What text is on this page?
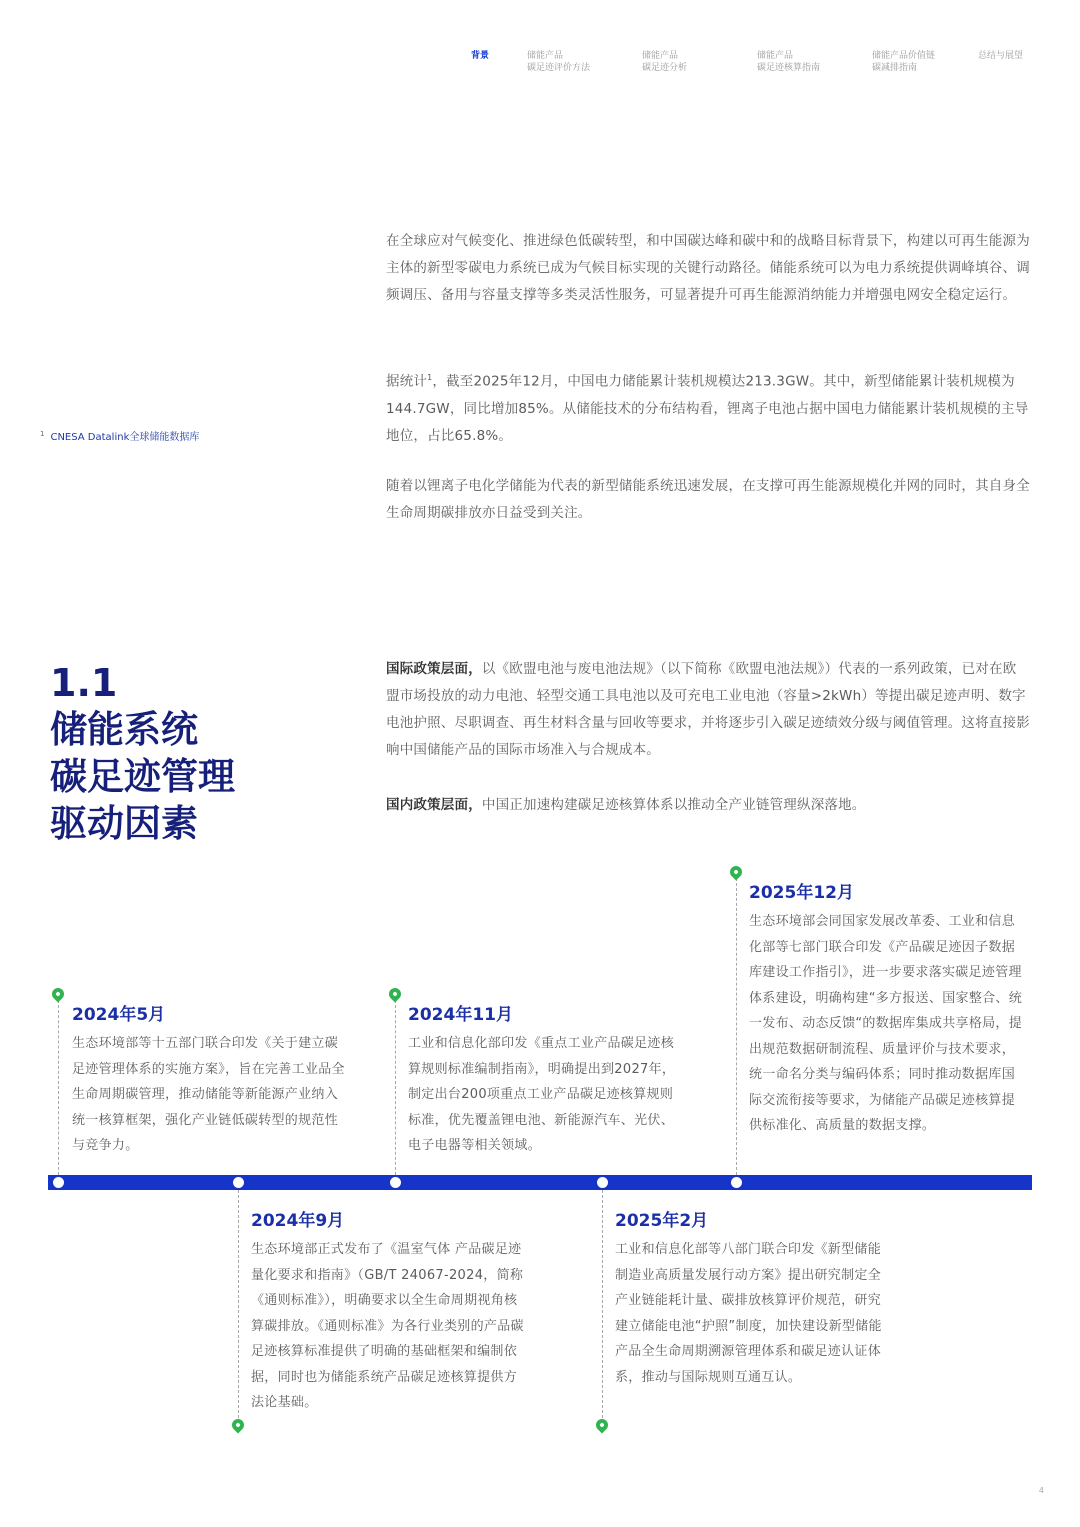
背景	储能产品
碳足迹评价方法
储能产品
碳足迹分析
储能产品
碳足迹核算指南
储能产品价值链
碳减排指南
总结与展望

在全球应对气候变化、推进绿色低碳转型，和中国碳达峰和碳中和的战略目标背景下，构建以可再生能源为主体的新型零碳电力系统已成为气候目标实现的关键行动路径。储能系统可以为电力系统提供调峰填谷、调频调压、备用与容量支撑等多类灵活性服务，可显著提升可再生能源消纳能力并增强电网安全稳定运行。

据统计$^1$，截至2025年12月，中国电力储能累计装机规模达213.3GW。其中，新型储能累计装机规模为144.7GW，同比增加85%。从储能技术的分布结构看，锂离子电池占据中国电力储能累计装机规模的主导地位，占比65.8%。

随着以锂离子电化学储能为代表的新型储能系统迅速发展，在支撑可再生能源规模化并网的同时，其自身全生命周期碳排放亦日益受到关注。

$^1$ CNESA Datalink全球储能数据库
1.1
储能系统
碳足迹管理
驱动因素

国际政策层面，以《欧盟电池与废电池法规》（以下简称《欧盟电池法规》）代表的一系列政策，已对在欧盟市场投放的动力电池、轻型交通工具电池以及可充电工业电池（容量>2kWh）等提出碳足迹声明、数字电池护照、尽职调查、再生材料含量与回收等要求，并将逐步引入碳足迹绩效分级与阈值管理。这将直接影响中国储能产品的国际市场准入与合规成本。

国内政策层面，中国正加速构建碳足迹核算体系以推动全产业链管理纵深落地。

2024年5月

生态环境部等十五部门联合印发《关于建立碳足迹管理体系的实施方案》，旨在完善工业品全生命周期碳管理，推动储能等新能源产业纳入统一核算框架，强化产业链低碳转型的规范性与竞争力。

2024年11月

工业和信息化部印发《重点工业产品碳足迹核算规则标准编制指南》，明确提出到2027年，制定出台200项重点工业产品碳足迹核算规则标准，优先覆盖锂电池、新能源汽车、光伏、电子电器等相关领域。

2025年12月

生态环境部会同国家发展改革委、工业和信息化部等七部门联合印发《产品碳足迹因子数据库建设工作指引》，进一步要求落实碳足迹管理体系建设，明确构建“多方报送、国家整合、统一发布、动态反馈“的数据库集成共享格局，提出规范数据研制流程、质量评价与技术要求，统一命名分类与编码体系；同时推动数据库国际交流衔接等要求，为储能产品碳足迹核算提供标准化、高质量的数据支撑。

2024年9月

生态环境部正式发布了《温室气体 产品碳足迹量化要求和指南》（GB/T 24067-2024，简称《通则标准》），明确要求以全生命周期视角核算碳排放。《通则标准》为各行业类别的产品碳足迹核算标准提供了明确的基础框架和编制依据，同时也为储能系统产品碳足迹核算提供方法论基础。

2025年2月

工业和信息化部等八部门联合印发《新型储能制造业高质量发展行动方案》提出研究制定全产业链能耗计量、碳排放核算评价规范，研究建立储能电池“护照”制度，加快建设新型储能产品全生命周期溯源管理体系和碳足迹认证体系，推动与国际规则互通互认。

4
